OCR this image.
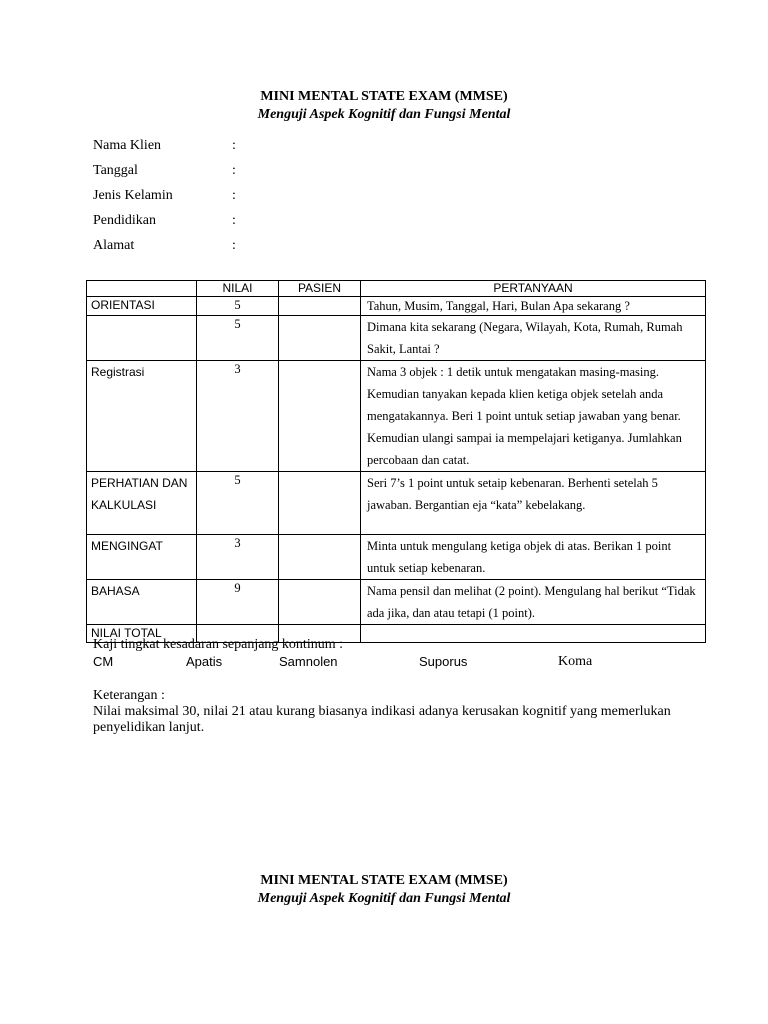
MINI MENTAL STATE EXAM (MMSE)
Menguji Aspek Kognitif dan Fungsi Mental
Nama Klien	:
Tanggal	:
Jenis Kelamin	:
Pendidikan	:
Alamat	:
	NILAI	PASIEN	PERTANYAAN
ORIENTASI	5		Tahun, Musim, Tanggal, Hari, Bulan Apa sekarang ?
	5		Dimana kita sekarang (Negara, Wilayah, Kota, Rumah, Rumah Sakit, Lantai ?
Registrasi	3		Nama 3 objek : 1 detik untuk mengatakan masing-masing. Kemudian tanyakan kepada klien ketiga objek setelah anda mengatakannya. Beri 1 point untuk setiap jawaban yang benar. Kemudian ulangi sampai ia mempelajari ketiganya. Jumlahkan percobaan dan catat.
PERHATIAN DAN KALKULASI	5		Seri 7’s 1 point untuk setaip kebenaran. Berhenti setelah 5 jawaban. Bergantian eja “kata” kebelakang.
MENGINGAT	3		Minta untuk mengulang ketiga objek di atas. Berikan 1 point untuk setiap kebenaran.
BAHASA	9		Nama pensil dan melihat (2 point). Mengulang hal berikut “Tidak ada jika, dan atau tetapi (1 point).
NILAI TOTAL			
Kaji tingkat kesadaran sepanjang kontinum :
CM	Apatis	Samnolen	Suporus	Koma
Keterangan :
Nilai maksimal 30, nilai 21 atau kurang biasanya indikasi adanya kerusakan kognitif yang memerlukan penyelidikan lanjut.
MINI MENTAL STATE EXAM (MMSE)
Menguji Aspek Kognitif dan Fungsi Mental
